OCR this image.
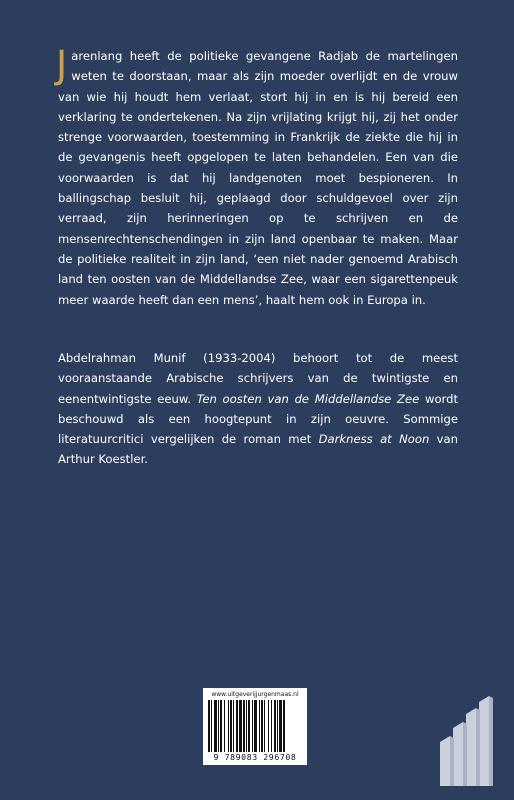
Jarenlang heeft de politieke gevangene Radjab de martelingen weten te doorstaan, maar als zijn moeder overlijdt en de vrouw van wie hij houdt hem verlaat, stort hij in en is hij bereid een verklaring te ondertekenen. Na zijn vrijlating krijgt hij, zij het onder strenge voorwaarden, toestemming in Frankrijk de ziekte die hij in de gevangenis heeft opgelopen te laten behandelen. Een van die voorwaarden is dat hij landgenoten moet bespioneren. In ballingschap besluit hij, geplaagd door schuldgevoel over zijn verraad, zijn herinneringen op te schrijven en de mensenrechtenschendingen in zijn land openbaar te maken. Maar de politieke realiteit in zijn land, ‘een niet nader genoemd Arabisch land ten oosten van de Middellandse Zee, waar een sigarettenpeuk meer waarde heeft dan een mens’, haalt hem ook in Europa in.

Abdelrahman Munif (1933-2004) behoort tot de meest vooraanstaande Arabische schrijvers van de twintigste en eenentwintigste eeuw. Ten oosten van de Middellandse Zee wordt beschouwd als een hoogtepunt in zijn oeuvre. Sommige literatuurcritici vergelijken de roman met Darkness at Noon van Arthur Koestler.

www.uitgeverijjurgenmaas.nl
9 789083 296708
